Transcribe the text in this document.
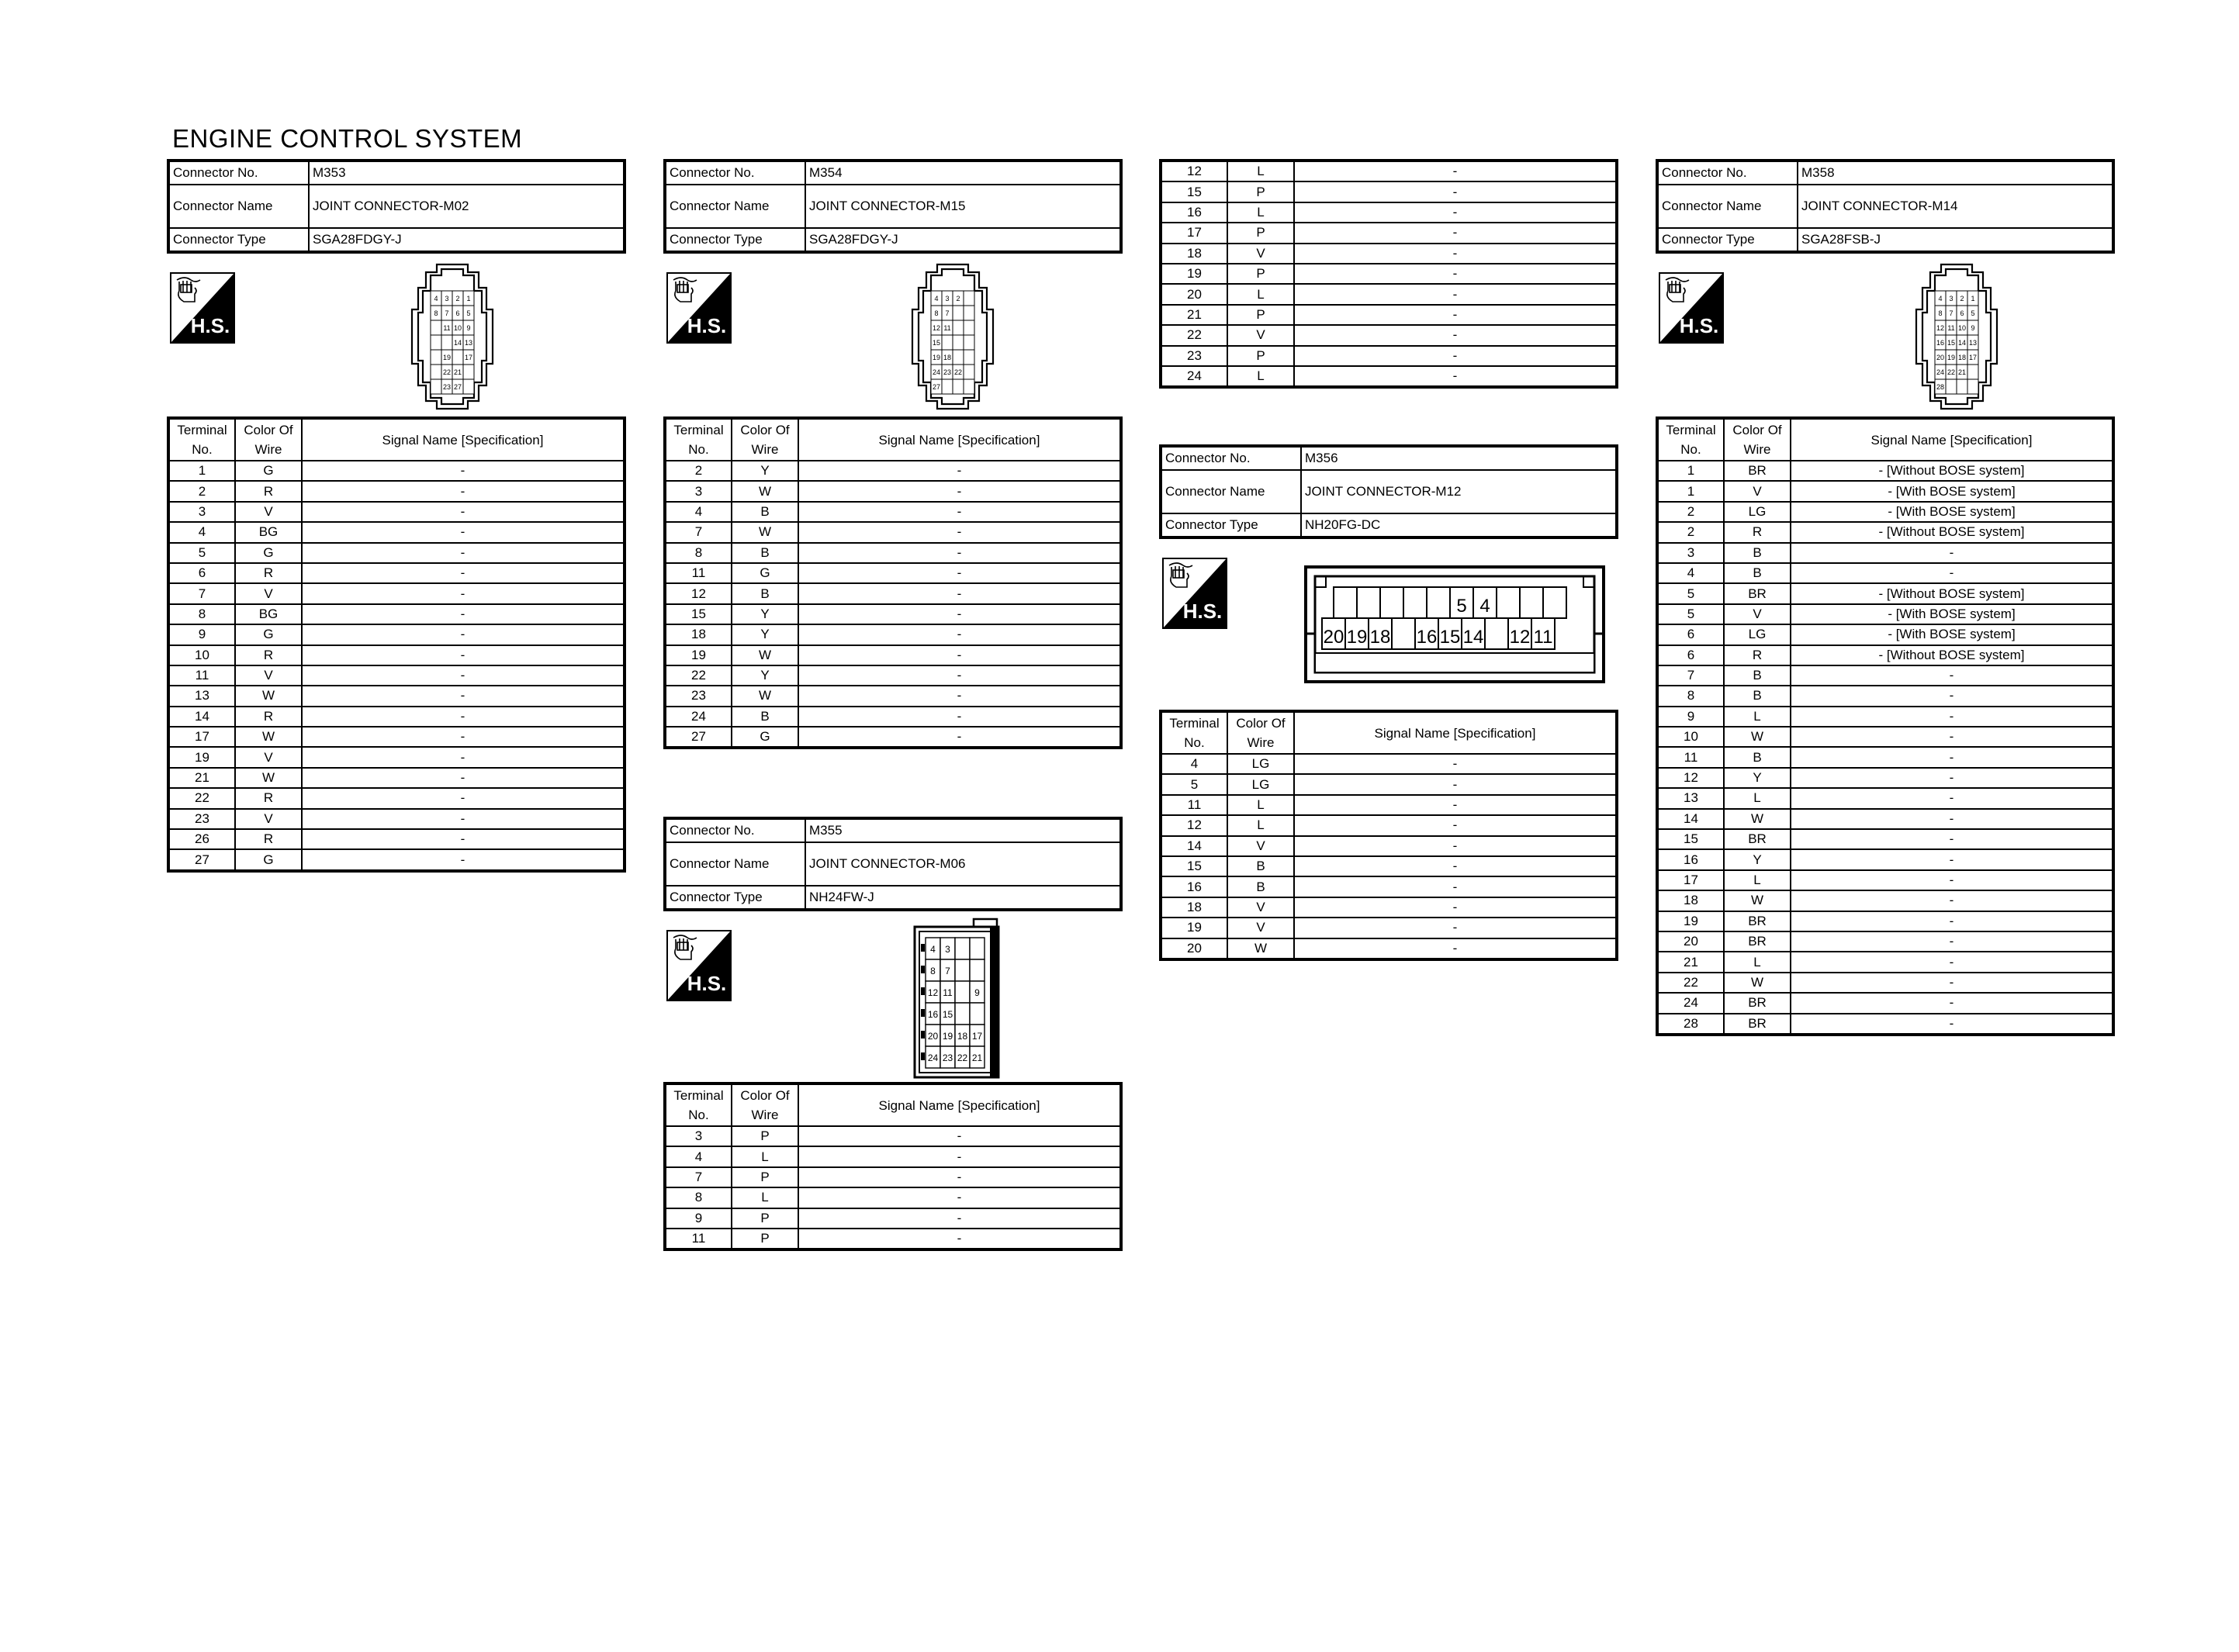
ENGINE CONTROL SYSTEM
Connector No.	M353
Connector Name	JOINT CONNECTOR-M02
Connector Type	SGA28FDGY-J
H.S.
4 3 2 1
8 7 6 5
11 10 9
14 13
19 17
22 21
23 27
Terminal No.	Color Of Wire	Signal Name [Specification]
1	G	-
2	R	-
3	V	-
4	BG	-
5	G	-
6	R	-
7	V	-
8	BG	-
9	G	-
10	R	-
11	V	-
13	W	-
14	R	-
17	W	-
19	V	-
21	W	-
22	R	-
23	V	-
26	R	-
27	G	-
Connector No.	M354
Connector Name	JOINT CONNECTOR-M15
Connector Type	SGA28FDGY-J
H.S.
4 3 2
8 7
12 11
15
19 18
24 23 22
27
Terminal No.	Color Of Wire	Signal Name [Specification]
2	Y	-
3	W	-
4	B	-
7	W	-
8	B	-
11	G	-
12	B	-
15	Y	-
18	Y	-
19	W	-
22	Y	-
23	W	-
24	B	-
27	G	-
Connector No.	M355
Connector Name	JOINT CONNECTOR-M06
Connector Type	NH24FW-J
H.S.
4 3
8 7
12 11 9
16 15
20 19 18 17
24 23 22 21
Terminal No.	Color Of Wire	Signal Name [Specification]
3	P	-
4	L	-
7	P	-
8	L	-
9	P	-
11	P	-
12	L	-
15	P	-
16	L	-
17	P	-
18	V	-
19	P	-
20	L	-
21	P	-
22	V	-
23	P	-
24	L	-
Connector No.	M356
Connector Name	JOINT CONNECTOR-M12
Connector Type	NH20FG-DC
H.S.	5 4
20 19 18 16 15 14 12 11
Terminal No.	Color Of Wire	Signal Name [Specification]
4	LG	-
5	LG	-
11	L	-
12	L	-
14	V	-
15	B	-
16	B	-
18	V	-
19	V	-
20	W	-
Connector No.	M358
Connector Name	JOINT CONNECTOR-M14
Connector Type	SGA28FSB-J
H.S.
4 3 2 1
8 7 6 5
12 11 10 9
16 15 14 13
20 19 18 17
24 22 21
28
Terminal No.	Color Of Wire	Signal Name [Specification]
1	BR	- [Without BOSE system]
1	V	- [With BOSE system]
2	LG	- [With BOSE system]
2	R	- [Without BOSE system]
3	B	-
4	B	-
5	BR	- [Without BOSE system]
5	V	- [With BOSE system]
6	LG	- [With BOSE system]
6	R	- [Without BOSE system]
7	B	-
8	B	-
9	L	-
10	W	-
11	B	-
12	Y	-
13	L	-
14	W	-
15	BR	-
16	Y	-
17	L	-
18	W	-
19	BR	-
20	BR	-
21	L	-
22	W	-
24	BR	-
28	BR	-
